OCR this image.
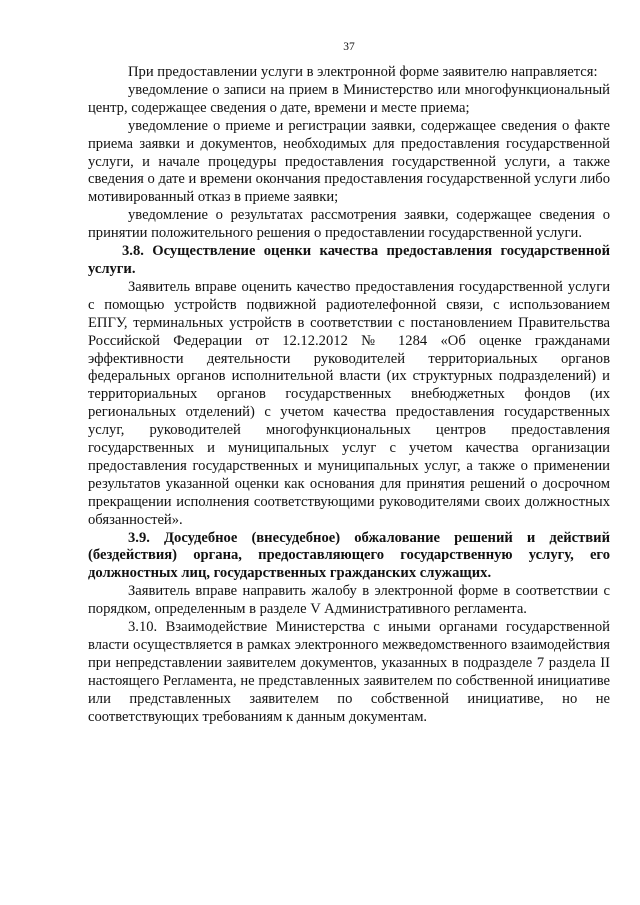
37

При предоставлении услуги в электронной форме заявителю направляется:

уведомление о записи на прием в Министерство или многофункциональный центр, содержащее сведения о дате, времени и месте приема;

уведомление о приеме и регистрации заявки, содержащее сведения о факте приема заявки и документов, необходимых для предоставления государственной услуги, и начале процедуры предоставления государственной услуги, а также сведения о дате и времени окончания предоставления государственной услуги либо мотивированный отказ в приеме заявки;

уведомление о результатах рассмотрения заявки, содержащее сведения о принятии положительного решения о предоставлении государственной услуги.

3.8. Осуществление оценки качества предоставления государственной услуги.

Заявитель вправе оценить качество предоставления государственной услуги с помощью устройств подвижной радиотелефонной связи, с использованием ЕПГУ, терминальных устройств в соответствии с постановлением Правительства Российской Федерации от 12.12.2012 № 1284 «Об оценке гражданами эффективности деятельности руководителей территориальных органов федеральных органов исполнительной власти (их структурных подразделений) и территориальных органов государственных внебюджетных фондов (их региональных отделений) с учетом качества предоставления государственных услуг, руководителей многофункциональных центров предоставления государственных и муниципальных услуг с учетом качества организации предоставления государственных и муниципальных услуг, а также о применении результатов указанной оценки как основания для принятия решений о досрочном прекращении исполнения соответствующими руководителями своих должностных обязанностей».

3.9. Досудебное (внесудебное) обжалование решений и действий (бездействия) органа, предоставляющего государственную услугу, его должностных лиц, государственных гражданских служащих.

Заявитель вправе направить жалобу в электронной форме в соответствии с порядком, определенным в разделе V Административного регламента.

3.10. Взаимодействие Министерства с иными органами государственной власти осуществляется в рамках электронного межведомственного взаимодействия при непредставлении заявителем документов, указанных в подразделе 7 раздела II настоящего Регламента, не представленных заявителем по собственной инициативе или представленных заявителем по собственной инициативе, но не соответствующих требованиям к данным документам.
